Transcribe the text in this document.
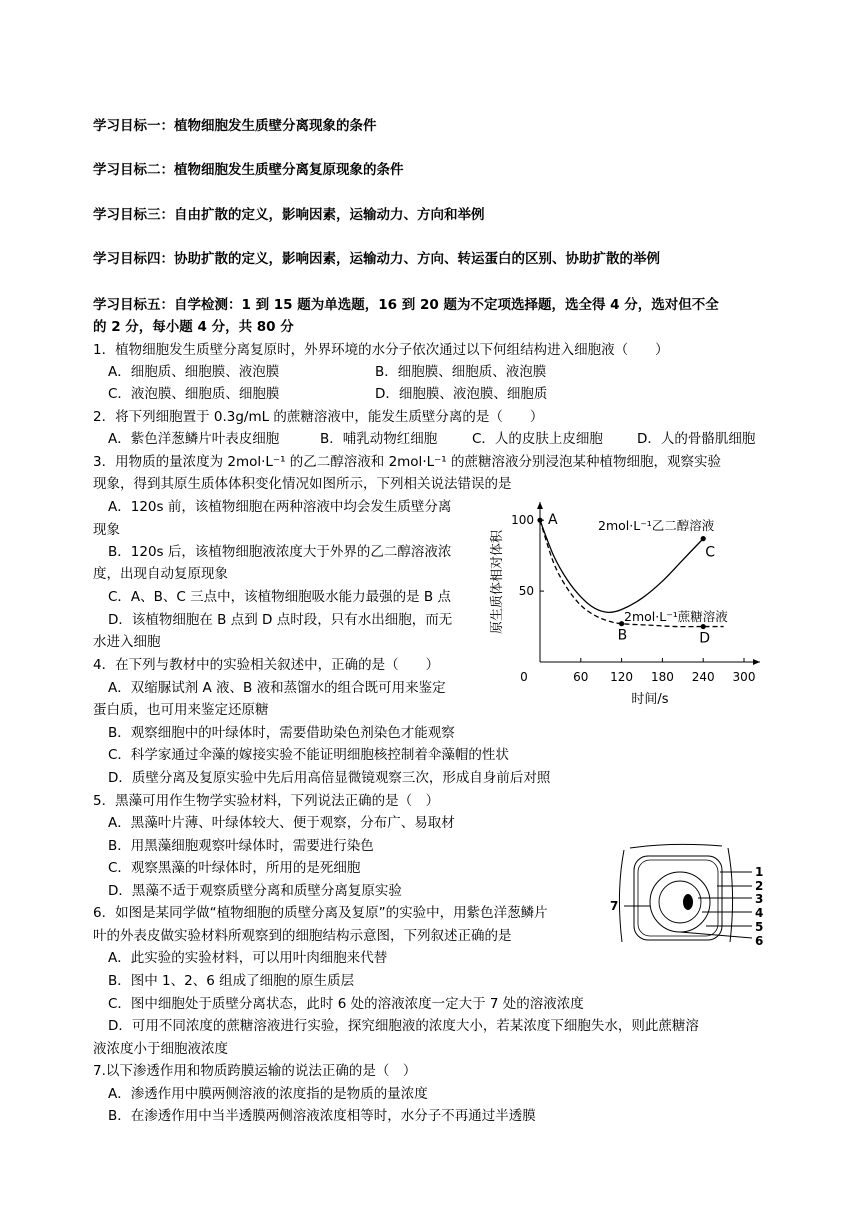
学习目标一：植物细胞发生质壁分离现象的条件
学习目标二：植物细胞发生质壁分离复原现象的条件
学习目标三：自由扩散的定义，影响因素，运输动力、方向和举例
学习目标四：协助扩散的定义，影响因素，运输动力、方向、转运蛋白的区别、协助扩散的举例
学习目标五：自学检测：1 到 15 题为单选题，16 到 20 题为不定项选择题，选全得 4 分，选对但不全
的 2 分，每小题 4 分，共 80 分
1．植物细胞发生质壁分离复原时，外界环境的水分子依次通过以下何组结构进入细胞液（　　）
A．细胞质、细胞膜、液泡膜	B．细胞膜、细胞质、液泡膜
C．液泡膜、细胞质、细胞膜	D．细胞膜、液泡膜、细胞质
2．将下列细胞置于 0.3g/mL 的蔗糖溶液中，能发生质壁分离的是（　　）
A．紫色洋葱鳞片叶表皮细胞	B．哺乳动物红细胞	C．人的皮肤上皮细胞	D．人的骨骼肌细胞
3．用物质的量浓度为 2mol·L⁻¹ 的乙二醇溶液和 2mol·L⁻¹ 的蔗糖溶液分别浸泡某种植物细胞，观察实验
现象，得到其原生质体体积变化情况如图所示，下列相关说法错误的是
A．120s 前，该植物细胞在两种溶液中均会发生质壁分离
现象
B．120s 后，该植物细胞液浓度大于外界的乙二醇溶液浓
度，出现自动复原现象
C．A、B、C 三点中，该植物细胞吸水能力最强的是 B 点
D．该植物细胞在 B 点到 D 点时段，只有水出细胞，而无
水进入细胞
原生质体相对体积
时间/s
2mol·L⁻¹乙二醇溶液
2mol·L⁻¹蔗糖溶液
0	60 120 180 240 300
50
100 A
B
C
D
4．在下列与教材中的实验相关叙述中，正确的是（　　）
A．双缩脲试剂 A 液、B 液和蒸馏水的组合既可用来鉴定
蛋白质，也可用来鉴定还原糖
B．观察细胞中的叶绿体时，需要借助染色剂染色才能观察
C．科学家通过伞藻的嫁接实验不能证明细胞核控制着伞藻帽的性状
D．质壁分离及复原实验中先后用高倍显微镜观察三次，形成自身前后对照
5．黑藻可用作生物学实验材料，下列说法正确的是（　）
A．黑藻叶片薄、叶绿体较大、便于观察，分布广、易取材
B．用黑藻细胞观察叶绿体时，需要进行染色
C．观察黑藻的叶绿体时，所用的是死细胞
D．黑藻不适于观察质壁分离和质壁分离复原实验
1
2
3
4
5
6
7
6．如图是某同学做“植物细胞的质壁分离及复原”的实验中，用紫色洋葱鳞片
叶的外表皮做实验材料所观察到的细胞结构示意图，下列叙述正确的是
A．此实验的实验材料，可以用叶肉细胞来代替
B．图中 1、2、6 组成了细胞的原生质层
C．图中细胞处于质壁分离状态，此时 6 处的溶液浓度一定大于 7 处的溶液浓度
D．可用不同浓度的蔗糖溶液进行实验，探究细胞液的浓度大小，若某浓度下细胞失水，则此蔗糖溶
液浓度小于细胞液浓度
7.以下渗透作用和物质跨膜运输的说法正确的是（　）
A．渗透作用中膜两侧溶液的浓度指的是物质的量浓度
B．在渗透作用中当半透膜两侧溶液浓度相等时，水分子不再通过半透膜
